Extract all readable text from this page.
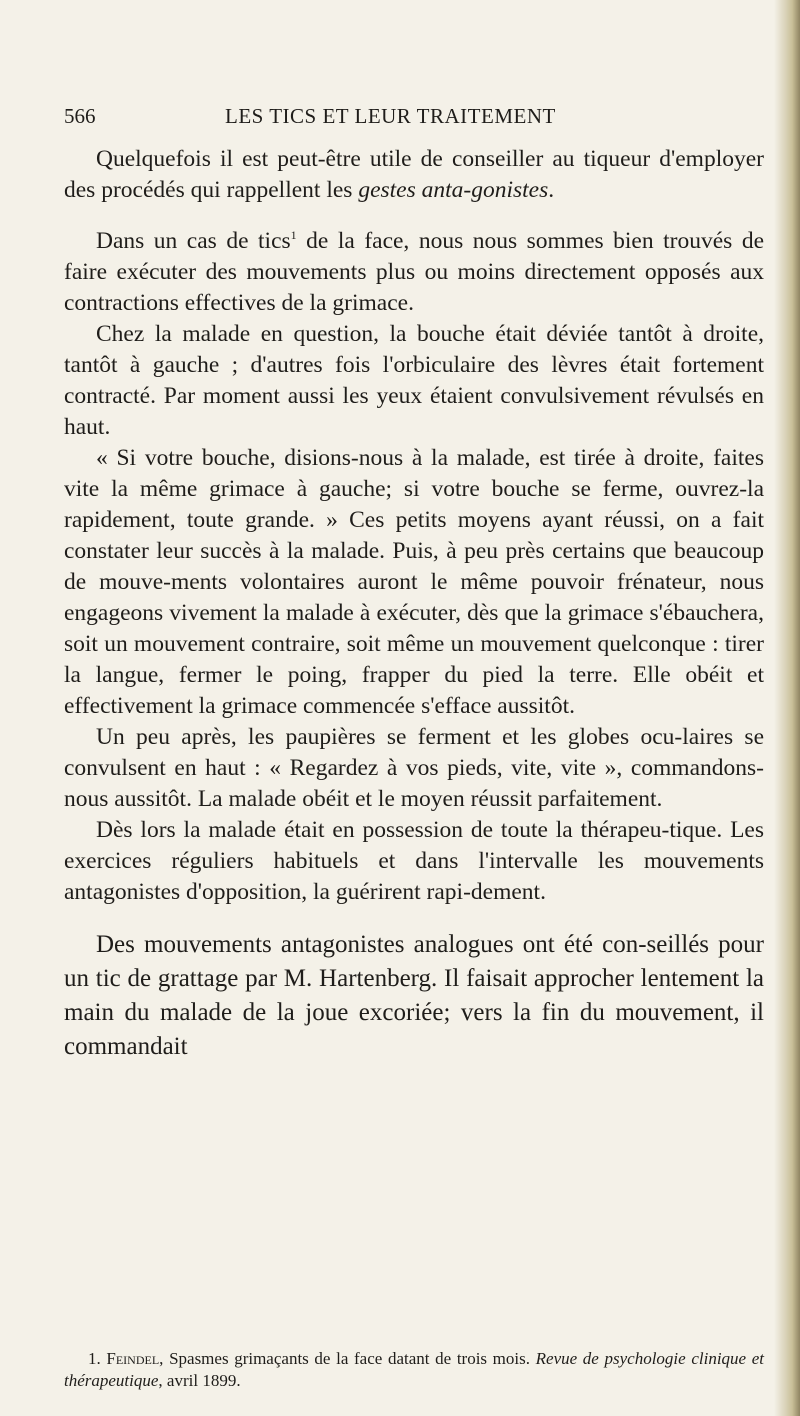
566	LES TICS ET LEUR TRAITEMENT

Quelquefois il est peut-être utile de conseiller au tiqueur d'employer des procédés qui rappellent les gestes anta-gonistes.

Dans un cas de tics$^1$ de la face, nous nous sommes bien trouvés de faire exécuter des mouvements plus ou moins directement opposés aux contractions effectives de la grimace.

Chez la malade en question, la bouche était déviée tantôt à droite, tantôt à gauche ; d'autres fois l'orbiculaire des lèvres était fortement contracté. Par moment aussi les yeux étaient convulsivement révulsés en haut.

« Si votre bouche, disions-nous à la malade, est tirée à droite, faites vite la même grimace à gauche; si votre bouche se ferme, ouvrez-la rapidement, toute grande. » Ces petits moyens ayant réussi, on a fait constater leur succès à la malade. Puis, à peu près certains que beaucoup de mouve-ments volontaires auront le même pouvoir frénateur, nous engageons vivement la malade à exécuter, dès que la grimace s'ébauchera, soit un mouvement contraire, soit même un mouvement quelconque : tirer la langue, fermer le poing, frapper du pied la terre. Elle obéit et effectivement la grimace commencée s'efface aussitôt.

Un peu après, les paupières se ferment et les globes ocu-laires se convulsent en haut : « Regardez à vos pieds, vite, vite », commandons-nous aussitôt. La malade obéit et le moyen réussit parfaitement.

Dès lors la malade était en possession de toute la thérapeu-tique. Les exercices réguliers habituels et dans l'intervalle les mouvements antagonistes d'opposition, la guérirent rapi-dement.

Des mouvements antagonistes analogues ont été con-seillés pour un tic de grattage par M. Hartenberg. Il faisait approcher lentement la main du malade de la joue excoriée; vers la fin du mouvement, il commandait

1. Feindel, Spasmes grimaçants de la face datant de trois mois. Revue de psychologie clinique et thérapeutique, avril 1899.
